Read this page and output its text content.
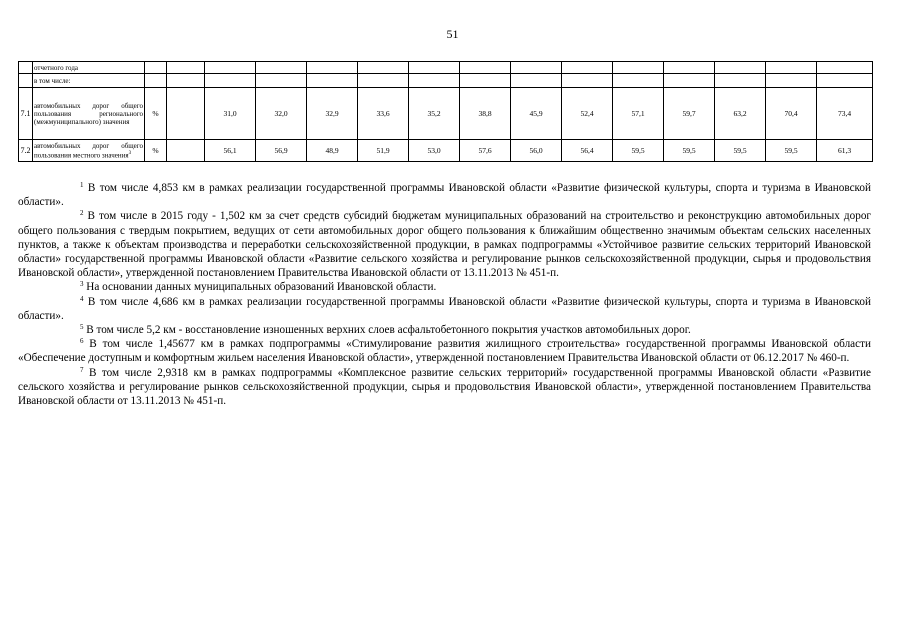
51
	отчетного года															
	в том числе:															
7.1	автомобильных дорог общего пользования регионального (межмуниципального) значения	%		31,0	32,0	32,9	33,6	35,2	38,8	45,9	52,4	57,1	59,7	63,2	70,4	73,4
7.2	автомобильных дорог общего пользования местного значения$^3$	%		56,1	56,9	48,9	51,9	53,0	57,6	56,0	56,4	59,5	59,5	59,5	59,5	61,3

$^1$ В том числе 4,853 км в рамках реализации государственной программы Ивановской области «Развитие физической культуры, спорта и туризма в Ивановской области».

$^2$ В том числе в 2015 году - 1,502 км за счет средств субсидий бюджетам муниципальных образований на строительство и реконструкцию автомобильных дорог общего пользования с твердым покрытием, ведущих от сети автомобильных дорог общего пользования к ближайшим общественно значимым объектам сельских населенных пунктов, а также к объектам производства и переработки сельскохозяйственной продукции, в рамках подпрограммы «Устойчивое развитие сельских территорий Ивановской области» государственной программы Ивановской области «Развитие сельского хозяйства и регулирование рынков сельскохозяйственной продукции, сырья и продовольствия Ивановской области», утвержденной постановлением Правительства Ивановской области от 13.11.2013 № 451-п.

$^3$ На основании данных муниципальных образований Ивановской области.

$^4$ В том числе 4,686 км в рамках реализации государственной программы Ивановской области «Развитие физической культуры, спорта и туризма в Ивановской области».

$^5$ В том числе 5,2 км - восстановление изношенных верхних слоев асфальтобетонного покрытия участков автомобильных дорог.

$^6$ В том числе 1,45677 км в рамках подпрограммы «Стимулирование развития жилищного строительства» государственной программы Ивановской области «Обеспечение доступным и комфортным жильем населения Ивановской области», утвержденной постановлением Правительства Ивановской области от 06.12.2017 № 460-п.

$^7$ В том числе 2,9318 км в рамках подпрограммы «Комплексное развитие сельских территорий» государственной программы Ивановской области «Развитие сельского хозяйства и регулирование рынков сельскохозяйственной продукции, сырья и продовольствия Ивановской области», утвержденной постановлением Правительства Ивановской области от 13.11.2013 № 451-п.
